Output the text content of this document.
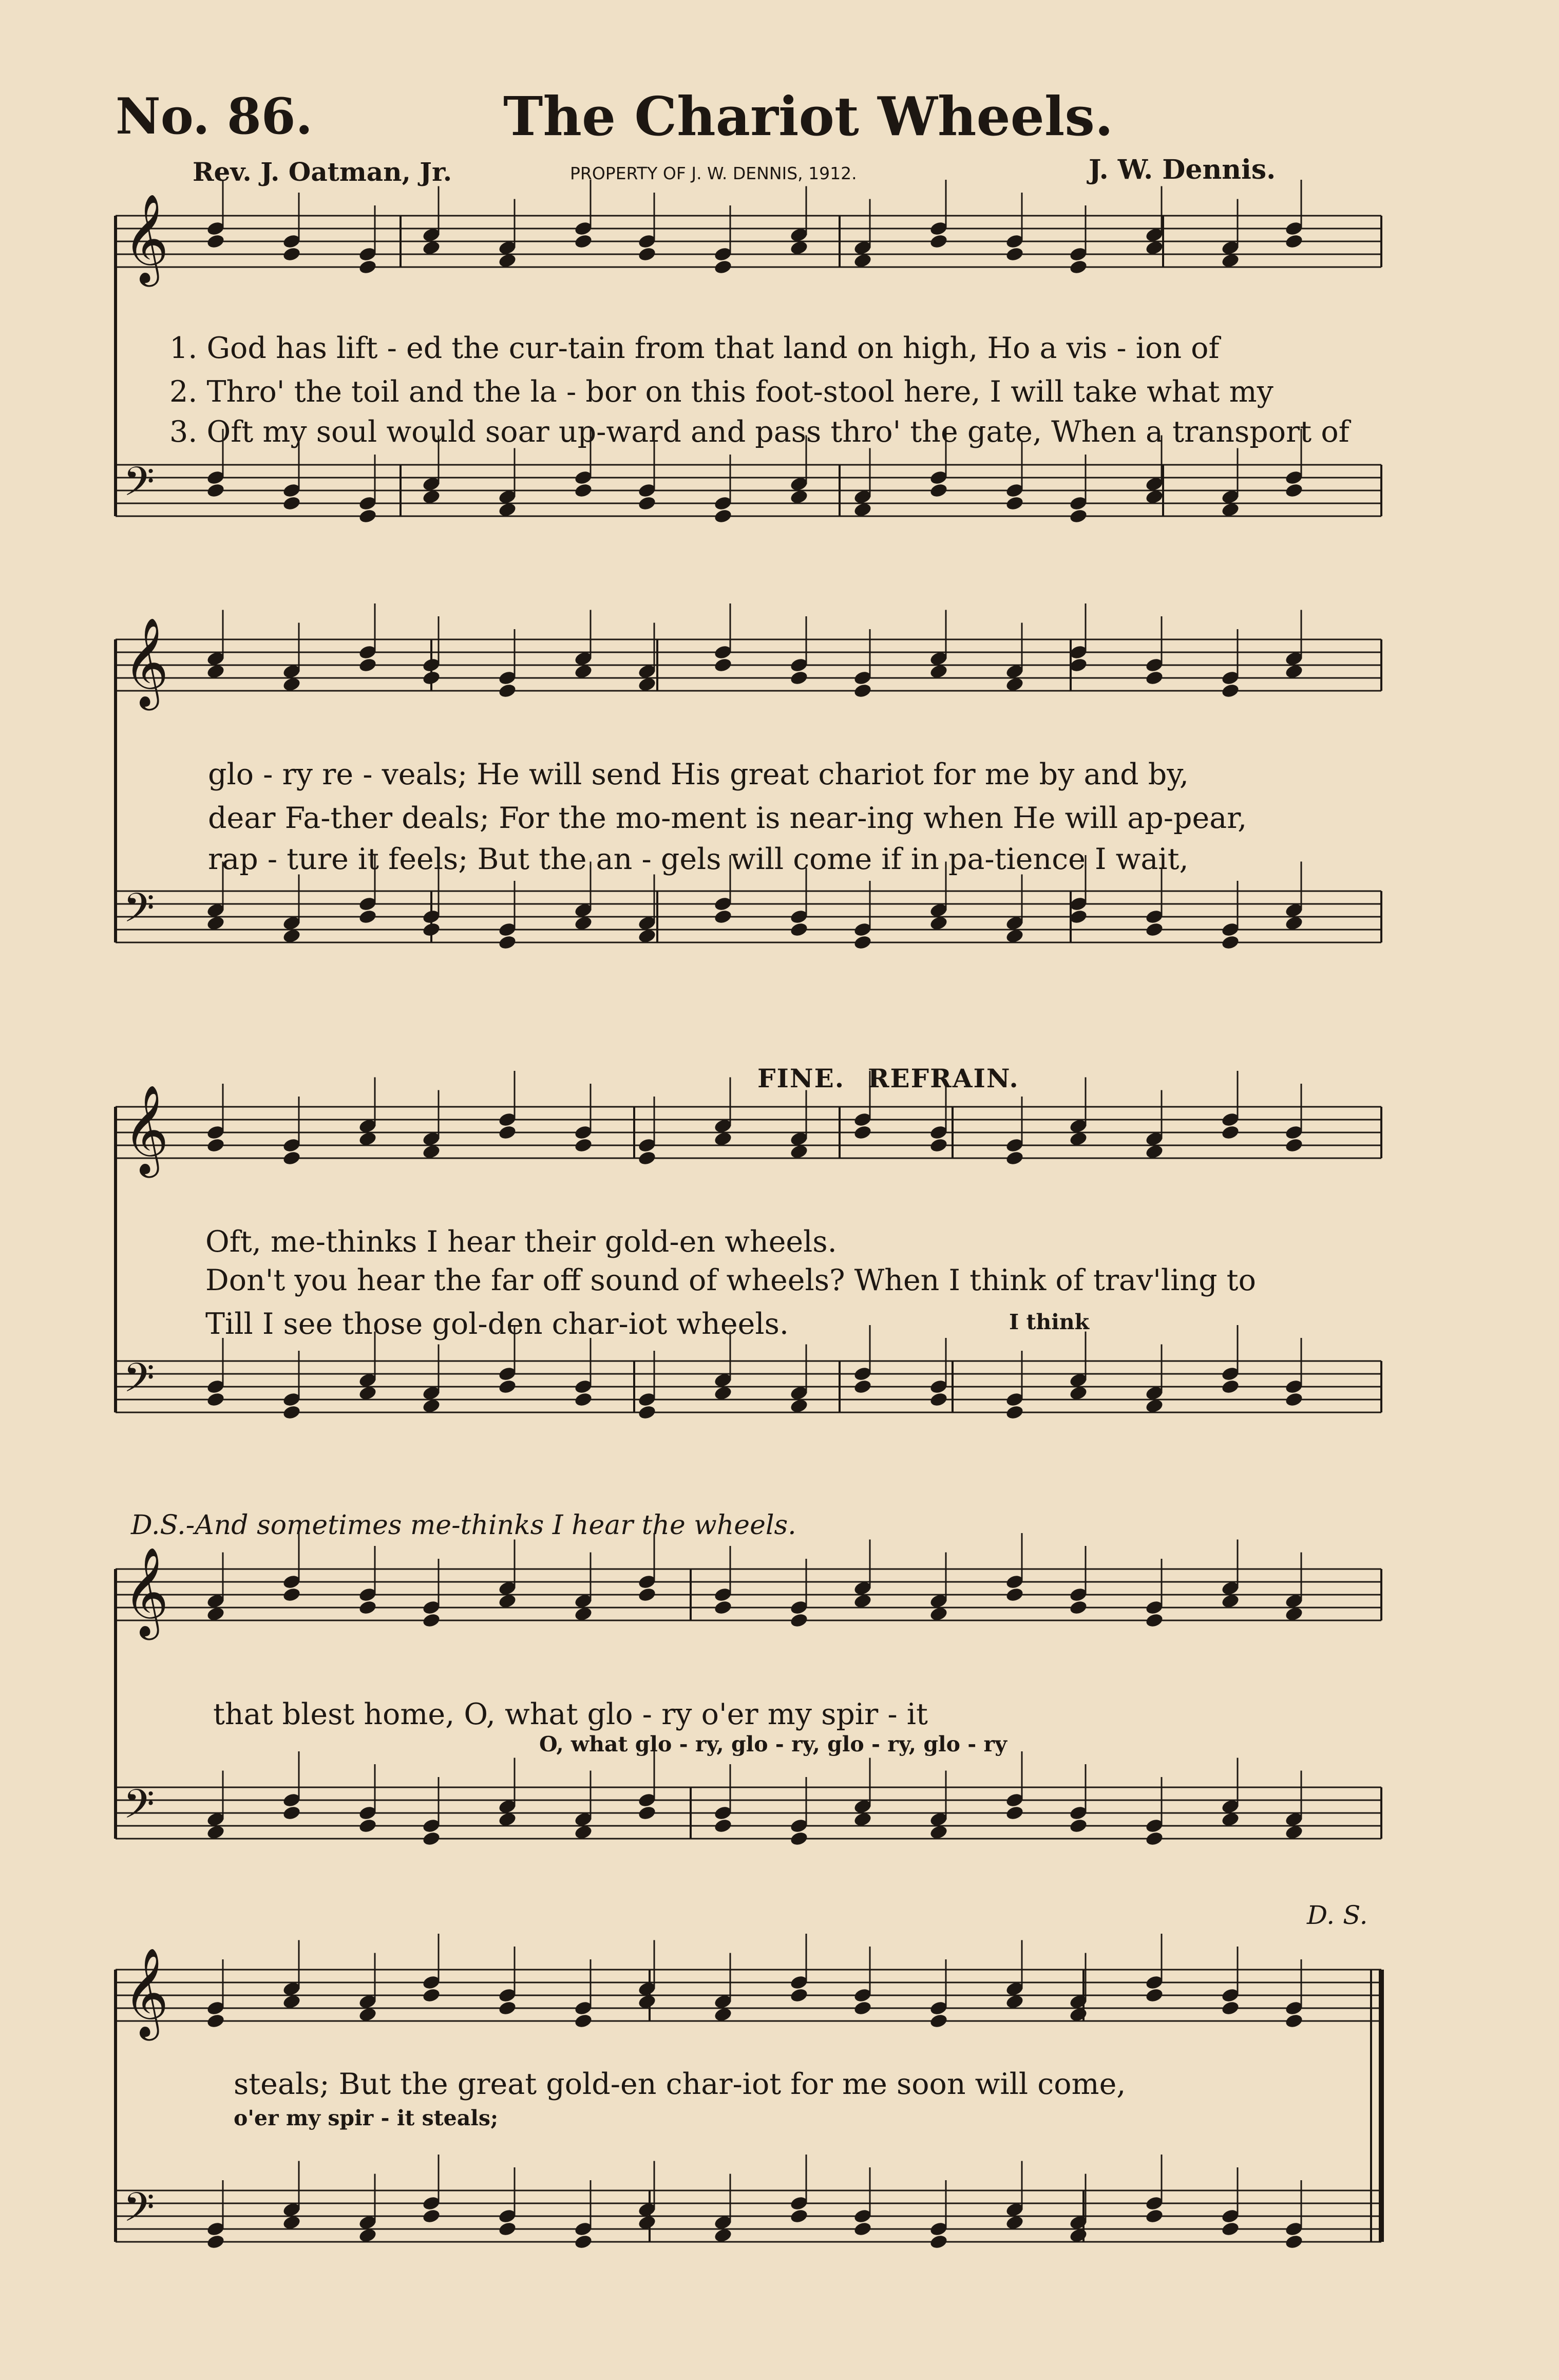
No. 86.	The Chariot Wheels.
Rev. J. Oatman, Jr.	PROPERTY OF J. W. DENNIS, 1912.	J. W. Dennis.
𝄞
𝄢
𝄞
𝄢
𝄞
𝄢
𝄞
𝄢
𝄞
𝄢
1. God has lift - ed the cur-tain from that land on high, Ho a vis - ion of
2. Thro' the toil and the la - bor on this foot-stool here, I will take what my
3. Oft my soul would soar up-ward and pass thro' the gate, When a transport of
glo - ry re - veals; He will send His great chariot for me by and by,
dear Fa-ther deals; For the mo-ment is near-ing when He will ap-pear,
rap - ture it feels; But the an - gels will come if in pa-tience I wait,
FINE. REFRAIN.
Oft, me-thinks I hear their gold-en wheels.
Don't you hear the far off sound of wheels? When I think of trav'ling to
Till I see those gol-den char-iot wheels.	I think
D.S.-And sometimes me-thinks I hear the wheels.
that blest home, O, what glo - ry o'er my spir - it
O, what glo - ry, glo - ry, glo - ry, glo - ry
D. S.
steals; But the great gold-en char-iot for me soon will come,
o'er my spir - it steals;
